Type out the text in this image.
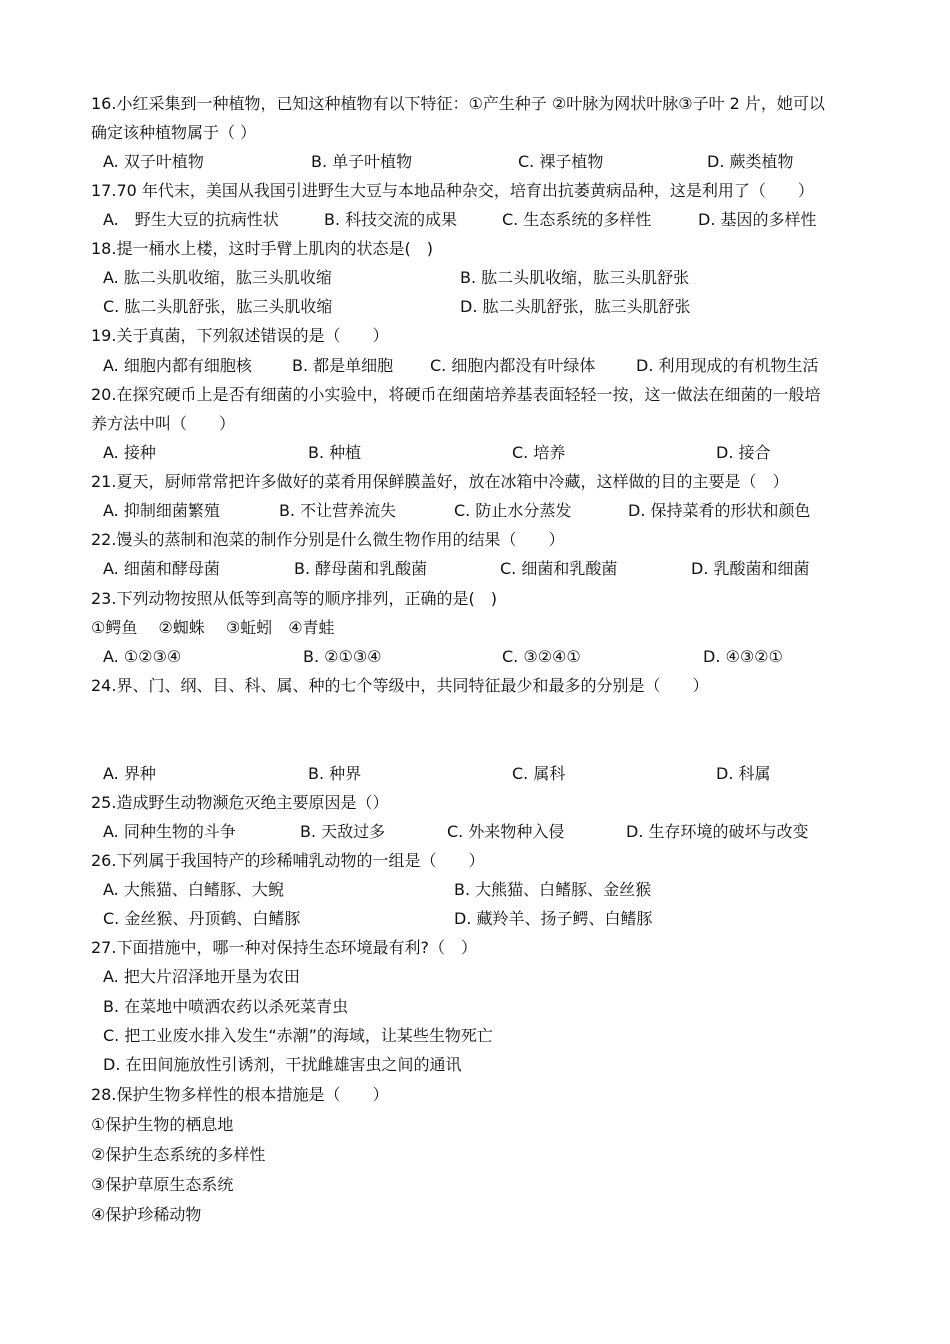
16.小红采集到一种植物，已知这种植物有以下特征：①产生种子 ②叶脉为网状叶脉③子叶 2 片，她可以
确定该种植物属于（ ）
A. 双子叶植物	B. 单子叶植物	C. 裸子植物	D. 蕨类植物
17.70 年代末，美国从我国引进野生大豆与本地品种杂交，培育出抗萎黄病品种，这是利用了（　　）
A.　野生大豆的抗病性状	B. 科技交流的成果	C. 生态系统的多样性	D. 基因的多样性
18.提一桶水上楼，这时手臂上肌肉的状态是(　)
A. 肱二头肌收缩，肱三头肌收缩	B. 肱二头肌收缩，肱三头肌舒张
C. 肱二头肌舒张，肱三头肌收缩	D. 肱二头肌舒张，肱三头肌舒张
19.关于真菌，下列叙述错误的是（　　）
A. 细胞内都有细胞核	B. 都是单细胞 C. 细胞内都没有叶绿体	D. 利用现成的有机物生活
20.在探究硬币上是否有细菌的小实验中，将硬币在细菌培养基表面轻轻一按，这一做法在细菌的一般培
养方法中叫（　　）
A. 接种	B. 种植	C. 培养	D. 接合
21.夏天，厨师常常把许多做好的菜肴用保鲜膜盖好，放在冰箱中冷藏，这样做的目的主要是（　）
A. 抑制细菌繁殖	B. 不让营养流失	C. 防止水分蒸发	D. 保持菜肴的形状和颜色
22.馒头的蒸制和泡菜的制作分别是什么微生物作用的结果（　　）
A. 细菌和酵母菌	B. 酵母菌和乳酸菌	C. 细菌和乳酸菌	D. 乳酸菌和细菌
23.下列动物按照从低等到高等的顺序排列，正确的是(　)
①鳄鱼　 ②蜘蛛　 ③蚯蚓　④青蛙
A. ①②③④	B. ②①③④	C. ③②④①	D. ④③②①
24.界、门、纲、目、科、属、种的七个等级中，共同特征最少和最多的分别是（　　）
A. 界种	B. 种界	C. 属科	D. 科属
25.造成野生动物濒危灭绝主要原因是（）
A. 同种生物的斗争	B. 天敌过多	C. 外来物种入侵	D. 生存环境的破坏与改变
26.下列属于我国特产的珍稀哺乳动物的一组是（　　）
A. 大熊猫、白鳍豚、大鲵	B. 大熊猫、白鳍豚、金丝猴
C. 金丝猴、丹顶鹤、白鳍豚	D. 藏羚羊、扬子鳄、白鳍豚
27.下面措施中，哪一种对保持生态环境最有利?（　）
A. 把大片沼泽地开垦为农田
B. 在菜地中喷洒农药以杀死菜青虫
C. 把工业废水排入发生“赤潮”的海域，让某些生物死亡
D. 在田间施放性引诱剂，干扰雌雄害虫之间的通讯
28.保护生物多样性的根本措施是（　　）
①保护生物的栖息地
②保护生态系统的多样性
③保护草原生态系统
④保护珍稀动物
